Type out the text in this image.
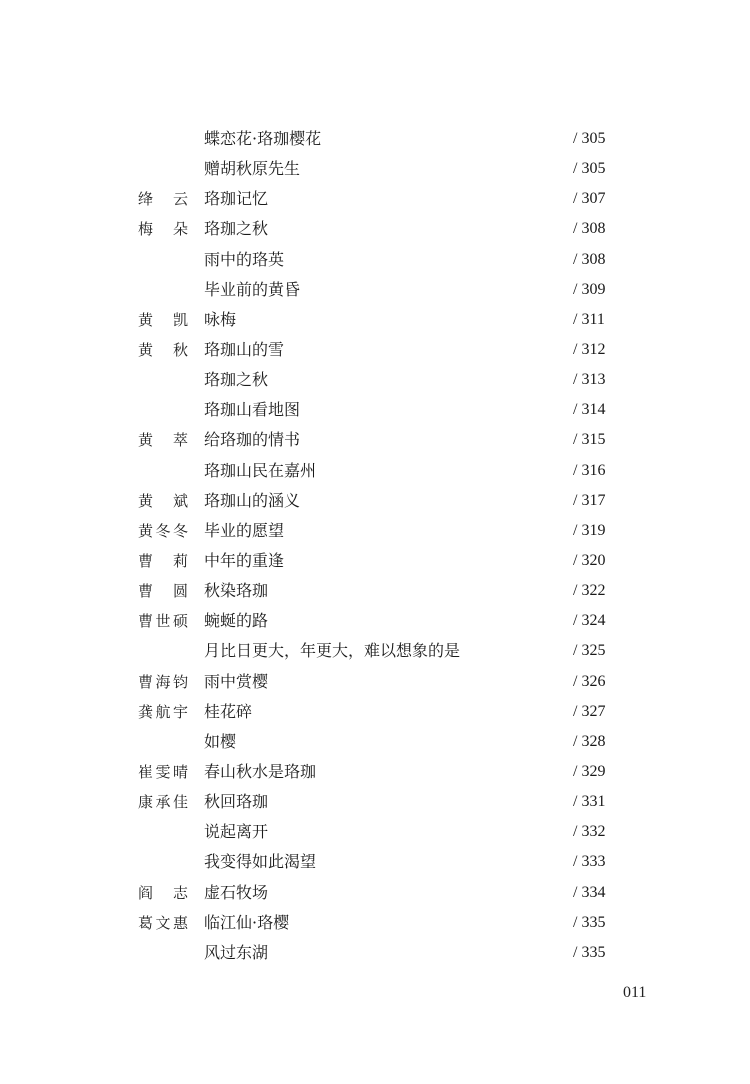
蝶恋花·珞珈樱花	/ 305
赠胡秋原先生	/ 305
绛云 珞珈记忆	/ 307
梅朵 珞珈之秋	/ 308
雨中的珞英	/ 308
毕业前的黄昏	/ 309
黄凯 咏梅	/ 311
黄秋 珞珈山的雪	/ 312
珞珈之秋	/ 313
珞珈山看地图	/ 314
黄萃 给珞珈的情书	/ 315
珞珈山民在嘉州	/ 316
黄斌 珞珈山的涵义	/ 317
黄冬冬 毕业的愿望	/ 319
曹莉 中年的重逢	/ 320
曹圆 秋染珞珈	/ 322
曹世硕 蜿蜒的路	/ 324
月比日更大，年更大，难以想象的是	/ 325
曹海钧 雨中赏樱	/ 326
龚航宇 桂花碎	/ 327
如樱	/ 328
崔雯晴 春山秋水是珞珈	/ 329
康承佳 秋回珞珈	/ 331
说起离开	/ 332
我变得如此渴望	/ 333
阎志 虚石牧场	/ 334
葛文惠 临江仙·珞樱	/ 335
风过东湖	/ 335
011
